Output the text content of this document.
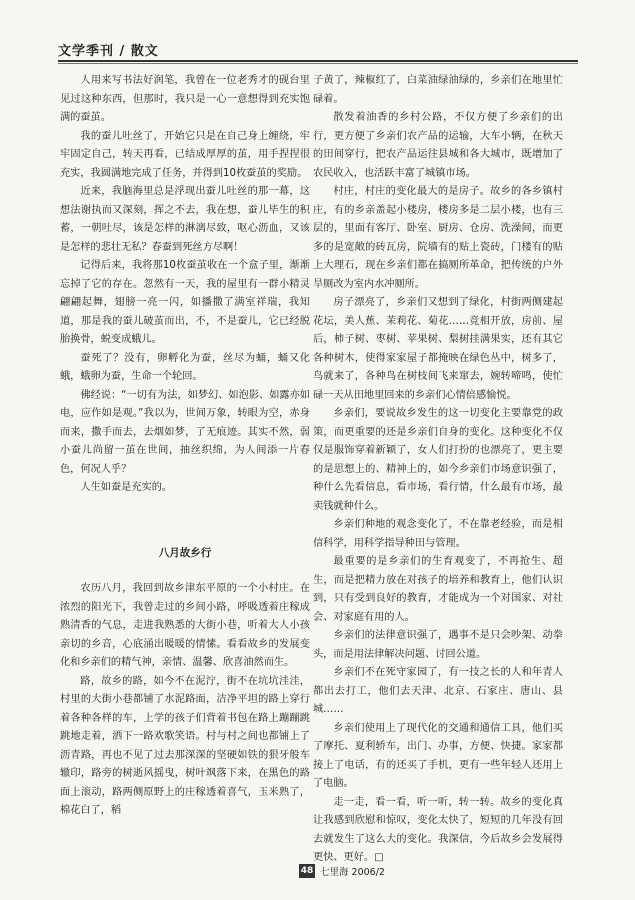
文学季刊 / 散文

人用来写书法好润笔，我曾在一位老秀才的砚台里见过这种东西，但那时，我只是一心一意想得到充实饱满的蚕茧。

我的蚕儿吐丝了，开始它只是在自己身上缠绕，牢牢固定自己，转天再看，已结成厚厚的茧，用手捏捏很充实，我圆满地完成了任务，并得到10枚蚕茧的奖励。

近来，我脑海里总是浮现出蚕儿吐丝的那一幕，这想法谢执而又深刻，挥之不去，我在想，蚕儿毕生的积蓄，一朝吐尽，该是怎样的淋漓尽致，呕心沥血，又该是怎样的悲壮无私？春蚕到死丝方尽啊！

记得后来，我将那10枚蚕茧收在一个盒子里，渐渐忘掉了它的存在。忽然有一天，我的屋里有一群小精灵翩翩起舞，翅膀一亮一闪，如播撒了满室祥瑞，我知道，那是我的蚕儿破茧而出，不，不是蚕儿，它已经脱胎换骨，蜕变成蛾儿。

蚕死了？没有，卵孵化为蚕，丝尽为蛹，蛹又化蛾，蛾卵为蚕，生命一个轮回。

佛经说：“一切有为法，如梦幻、如泡影、如露亦如电，应作如是观。”我以为，世间万象，转眼为空，赤身而来，撒手而去，去烟如梦，了无痕迹。其实不然，弱小蚕儿尚留一茧在世间，抽丝织绵，为人间添一片春色，何况人乎？

人生如蚕是充实的。

八月故乡行

农历八月，我回到故乡津东平原的一个小村庄。在浓烈的阳光下，我曾走过的乡间小路，呼吸透着庄稼成熟清香的气息，走进我熟悉的大街小巷，听着大人小孩亲切的乡音，心底涌出暖暖的情愫。看看故乡的发展变化和乡亲们的精气神，亲情、温馨、欣喜油然而生。

路，故乡的路，如今不在泥泞，街不在坑坑洼洼，村里的大街小巷都铺了水泥路面，洁净平坦的路上穿行着各种各样的车，上学的孩子们背着书包在路上蹦蹦跳跳地走着，洒下一路欢歌笑语。村与村之间也都铺上了沥青路，再也不见了过去那深深的坚硬如铁的狠牙般车辙印，路旁的树逝风摇曳，树叶飒落下来，在黑色的路面上滚动，路两侧原野上的庄稼透着喜气，玉米熟了，棉花白了，稻

子黄了，辣椒红了，白菜油绿油绿的，乡亲们在地里忙碌着。

散发着油香的乡村公路，不仅方便了乡亲们的出行，更方便了乡亲们农产品的运输，大车小辆，在秋天的田间穿行，把农产品运往县城和各大城市，既增加了农民收入，也活跃丰富了城镇市场。

村庄，村庄的变化最大的是房子。故乡的各乡镇村庄，有的乡亲盖起小楼房，楼房多是二层小楼，也有三层的，里面有客厅、卧室、厨房、仓房、洗澡间，而更多的是宽敞的砖瓦房，院墙有的贴上瓷砖，门楼有的贴上大理石，现在乡亲们都在搞厕所革命，把传统的户外旱厕改为室内水冲厕所。

房子漂亮了，乡亲们又想到了绿化，村街两侧建起花坛，美人蕉、茉莉花、菊花……竞相开放，房前、屋后，柿子树、枣树、苹果树、梨树挂满果实，还有其它各种树木，使得家家屋子都掩映在绿色丛中，树多了，鸟就来了，各种鸟在树枝间飞来窜去，婉转啼鸣，使忙碌一天从田地里回来的乡亲们心情倍感愉悦。

乡亲们，要说故乡发生的这一切变化主要靠党的政策，而更重要的还是乡亲们自身的变化。这种变化不仅仅是服饰穿着新颖了，女人们打扮的也漂亮了，更主要的是思想上的、精神上的，如今乡亲们市场意识强了，种什么先看信息，看市场，看行情，什么最有市场，最卖钱就种什么。

乡亲们种地的观念变化了，不在靠老经验，而是相信科学，用科学指导种田与管理。

最重要的是乡亲们的生育观变了，不再抢生、超生，而是把精力放在对孩子的培养和教育上，他们认识到，只有受到良好的教育，才能成为一个对国家、对社会、对家庭有用的人。

乡亲们的法律意识强了，遇事不是只会吵架、动拳头，而是用法律解决问题、讨回公道。

乡亲们不在死守家园了，有一技之长的人和年青人都出去打工，他们去天津、北京、石家庄、唐山、县城……

乡亲们使用上了现代化的交通和通信工具，他们买了摩托、夏利轿车，出门、办事，方便、快捷。家家都接上了电话，有的还买了手机，更有一些年轻人还用上了电脑。

走一走，看一看，听一听，转一转。故乡的变化真让我感到欣慰和惊叹，变化太快了，短短的几年没有回去就发生了这么大的变化。我深信，今后故乡会发展得更快、更好。□

48 七里海 2006/2
